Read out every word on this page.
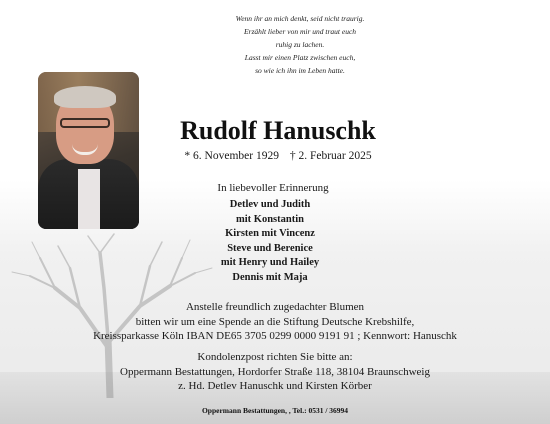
Wenn ihr an mich denkt, seid nicht traurig.
Erzählt lieber von mir und traut euch
ruhig zu lachen.
Lasst mir einen Platz zwischen euch,
so wie ich ihn im Leben hatte.
Rudolf Hanuschk
* 6. November 1929 † 2. Februar 2025
In liebevoller Erinnerung
Detlev und Judith
mit Konstantin
Kirsten mit Vincenz
Steve und Berenice
mit Henry und Hailey
Dennis mit Maja
Anstelle freundlich zugedachter Blumen
bitten wir um eine Spende an die Stiftung Deutsche Krebshilfe,
Kreissparkasse Köln IBAN DE65 3705 0299 0000 9191 91 ; Kennwort: Hanuschk
Kondolenzpost richten Sie bitte an:
Oppermann Bestattungen, Hordorfer Straße 118, 38104 Braunschweig
z. Hd. Detlev Hanuschk und Kirsten Körber
Oppermann Bestattungen, , Tel.: 0531 / 36994
